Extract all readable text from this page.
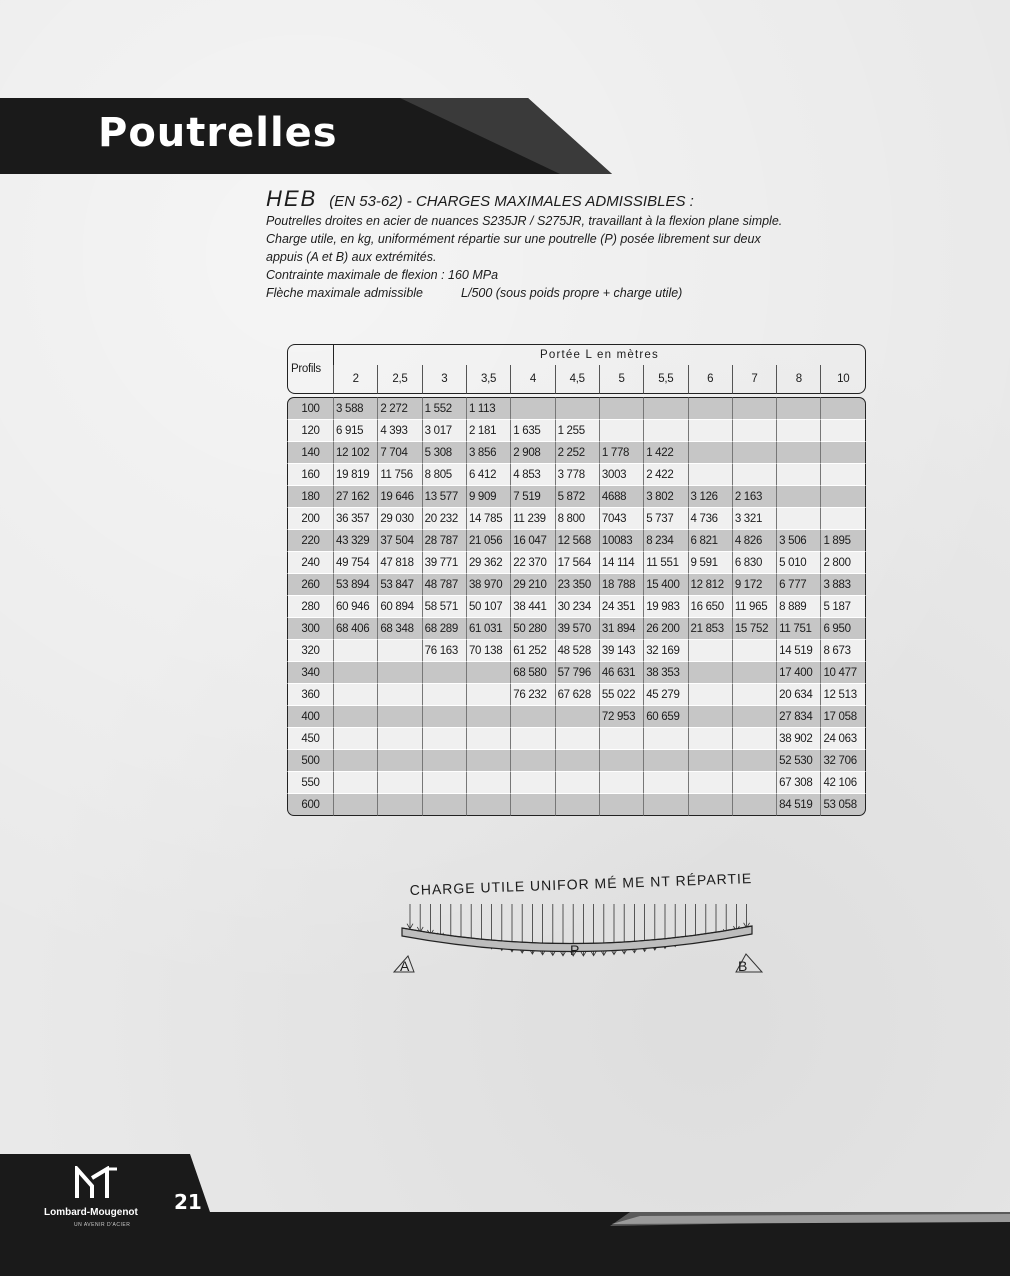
Poutrelles
HEB (EN 53-62) - CHARGES MAXIMALES ADMISSIBLES :
Poutrelles droites en acier de nuances S235JR / S275JR, travaillant à la flexion plane simple.
Charge utile, en kg, uniformément répartie sur une poutrelle (P) posée librement sur deux
appuis (A et B) aux extrémités.
Contrainte maximale de flexion : 160 MPa
Flèche maximale admissible	L/500 (sous poids propre + charge utile)
Profils	Portée L en mètres											
	2	2,5	3	3,5	4	4,5	5	5,5	6	7	8	10

100	3 588	2 272	1 552	1 113								
120	6 915	4 393	3 017	2 181	1 635	1 255						
140	12 102	7 704	5 308	3 856	2 908	2 252	1 778	1 422				
160	19 819	11 756	8 805	6 412	4 853	3 778	3003	2 422				
180	27 162	19 646	13 577	9 909	7 519	5 872	4688	3 802	3 126	2 163		
200	36 357	29 030	20 232	14 785	11 239	8 800	7043	5 737	4 736	3 321		
220	43 329	37 504	28 787	21 056	16 047	12 568	10083	8 234	6 821	4 826	3 506	1 895
240	49 754	47 818	39 771	29 362	22 370	17 564	14 114	11 551	9 591	6 830	5 010	2 800
260	53 894	53 847	48 787	38 970	29 210	23 350	18 788	15 400	12 812	9 172	6 777	3 883
280	60 946	60 894	58 571	50 107	38 441	30 234	24 351	19 983	16 650	11 965	8 889	5 187
300	68 406	68 348	68 289	61 031	50 280	39 570	31 894	26 200	21 853	15 752	11 751	6 950
320			76 163	70 138	61 252	48 528	39 143	32 169			14 519	8 673
340					68 580	57 796	46 631	38 353			17 400	10 477
360					76 232	67 628	55 022	45 279			20 634	12 513
400							72 953	60 659			27 834	17 058
450											38 902	24 063
500											52 530	32 706
550											67 308	42 106
600											84 519	53 058
CHARGE UTILE UNIFOR MÉ ME NT RÉPARTIE
A	B
P
Lombard-Mougenot
UN AVENIR D'ACIER
21
